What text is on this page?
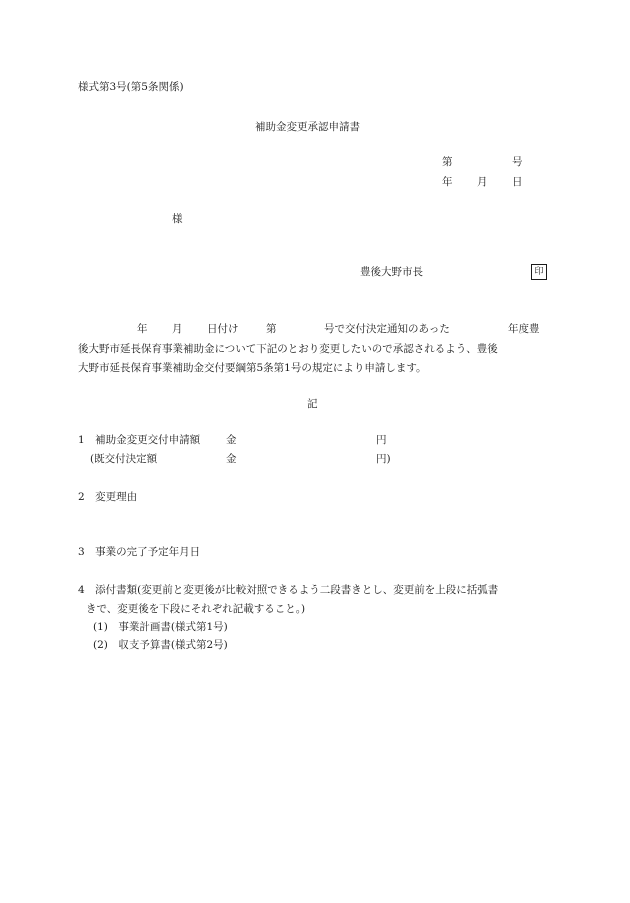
様式第3号(第5条関係)
補助金変更承認申請書
第	号
年 月 日
様
豊後大野市長	印
年 月 日付け	第	号で交付決定通知のあった	年度豊
後大野市延長保育事業補助金について下記のとおり変更したいので承認されるよう、豊後
大野市延長保育事業補助金交付要綱第5条第1号の規定により申請します。
記
1　補助金変更交付申請額 金	円
(既交付決定額	金	円)
2　変更理由
3　事業の完了予定年月日
4　添付書類(変更前と変更後が比較対照できるよう二段書きとし、変更前を上段に括弧書
きで、変更後を下段にそれぞれ記載すること。)
(1)　事業計画書(様式第1号)
(2)　収支予算書(様式第2号)
